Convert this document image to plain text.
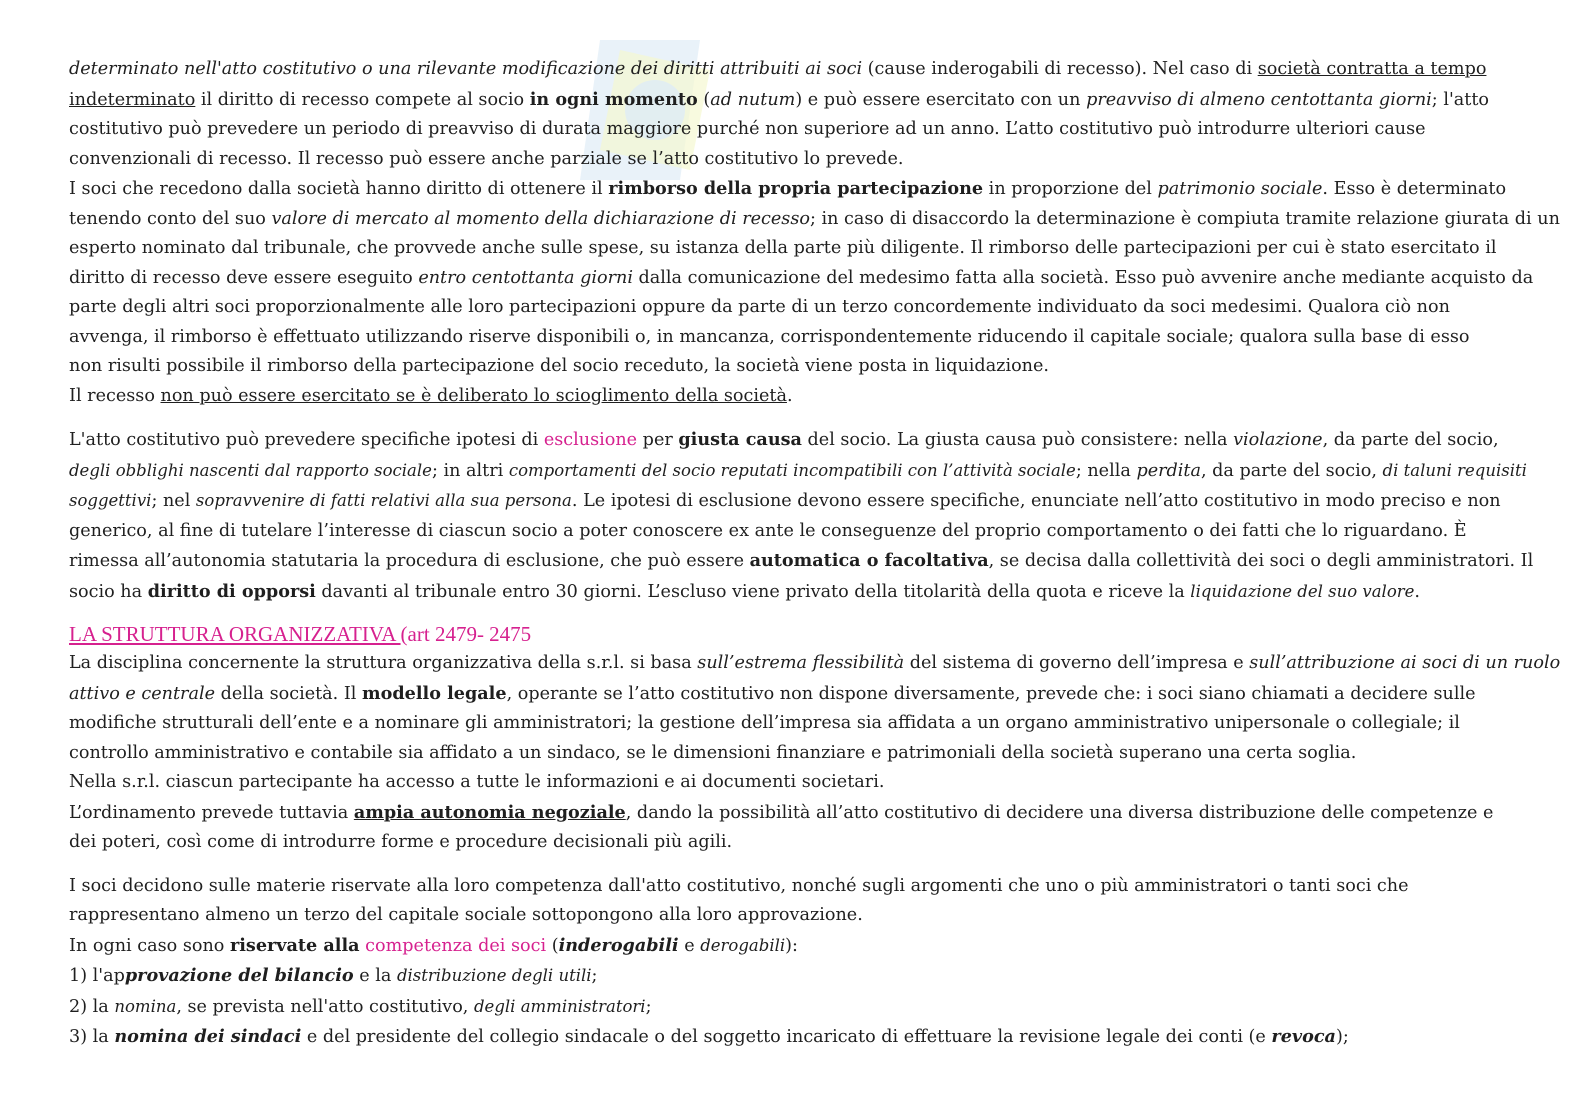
determinato nell'atto costitutivo o una rilevante modificazione dei diritti attribuiti ai soci (cause inderogabili di recesso). Nel caso di società contratta a tempo
indeterminato il diritto di recesso compete al socio in ogni momento (ad nutum) e può essere esercitato con un preavviso di almeno centottanta giorni; l'atto
costitutivo può prevedere un periodo di preavviso di durata maggiore purché non superiore ad un anno. L’atto costitutivo può introdurre ulteriori cause
convenzionali di recesso. Il recesso può essere anche parziale se l’atto costitutivo lo prevede.
I soci che recedono dalla società hanno diritto di ottenere il rimborso della propria partecipazione in proporzione del patrimonio sociale. Esso è determinato
tenendo conto del suo valore di mercato al momento della dichiarazione di recesso; in caso di disaccordo la determinazione è compiuta tramite relazione giurata di un
esperto nominato dal tribunale, che provvede anche sulle spese, su istanza della parte più diligente. Il rimborso delle partecipazioni per cui è stato esercitato il
diritto di recesso deve essere eseguito entro centottanta giorni dalla comunicazione del medesimo fatta alla società. Esso può avvenire anche mediante acquisto da
parte degli altri soci proporzionalmente alle loro partecipazioni oppure da parte di un terzo concordemente individuato da soci medesimi. Qualora ciò non
avvenga, il rimborso è effettuato utilizzando riserve disponibili o, in mancanza, corrispondentemente riducendo il capitale sociale; qualora sulla base di esso
non risulti possibile il rimborso della partecipazione del socio receduto, la società viene posta in liquidazione.
Il recesso non può essere esercitato se è deliberato lo scioglimento della società.
L'atto costitutivo può prevedere specifiche ipotesi di esclusione per giusta causa del socio. La giusta causa può consistere: nella violazione, da parte del socio,
degli obblighi nascenti dal rapporto sociale; in altri comportamenti del socio reputati incompatibili con l’attività sociale; nella perdita, da parte del socio, di taluni requisiti
soggettivi; nel sopravvenire di fatti relativi alla sua persona. Le ipotesi di esclusione devono essere specifiche, enunciate nell’atto costitutivo in modo preciso e non
generico, al fine di tutelare l’interesse di ciascun socio a poter conoscere ex ante le conseguenze del proprio comportamento o dei fatti che lo riguardano. È
rimessa all’autonomia statutaria la procedura di esclusione, che può essere automatica o facoltativa, se decisa dalla collettività dei soci o degli amministratori. Il
socio ha diritto di opporsi davanti al tribunale entro 30 giorni. L’escluso viene privato della titolarità della quota e riceve la liquidazione del suo valore.
LA STRUTTURA ORGANIZZATIVA (art 2479- 2475
La disciplina concernente la struttura organizzativa della s.r.l. si basa sull’estrema flessibilità del sistema di governo dell’impresa e sull’attribuzione ai soci di un ruolo
attivo e centrale della società. Il modello legale, operante se l’atto costitutivo non dispone diversamente, prevede che: i soci siano chiamati a decidere sulle
modifiche strutturali dell’ente e a nominare gli amministratori; la gestione dell’impresa sia affidata a un organo amministrativo unipersonale o collegiale; il
controllo amministrativo e contabile sia affidato a un sindaco, se le dimensioni finanziare e patrimoniali della società superano una certa soglia.
Nella s.r.l. ciascun partecipante ha accesso a tutte le informazioni e ai documenti societari.
L’ordinamento prevede tuttavia ampia autonomia negoziale, dando la possibilità all’atto costitutivo di decidere una diversa distribuzione delle competenze e
dei poteri, così come di introdurre forme e procedure decisionali più agili.
I soci decidono sulle materie riservate alla loro competenza dall'atto costitutivo, nonché sugli argomenti che uno o più amministratori o tanti soci che
rappresentano almeno un terzo del capitale sociale sottopongono alla loro approvazione.
In ogni caso sono riservate alla competenza dei soci (inderogabili e derogabili):
1) l'approvazione del bilancio e la distribuzione degli utili;
2) la nomina, se prevista nell'atto costitutivo, degli amministratori;
3) la nomina dei sindaci e del presidente del collegio sindacale o del soggetto incaricato di effettuare la revisione legale dei conti (e revoca);
